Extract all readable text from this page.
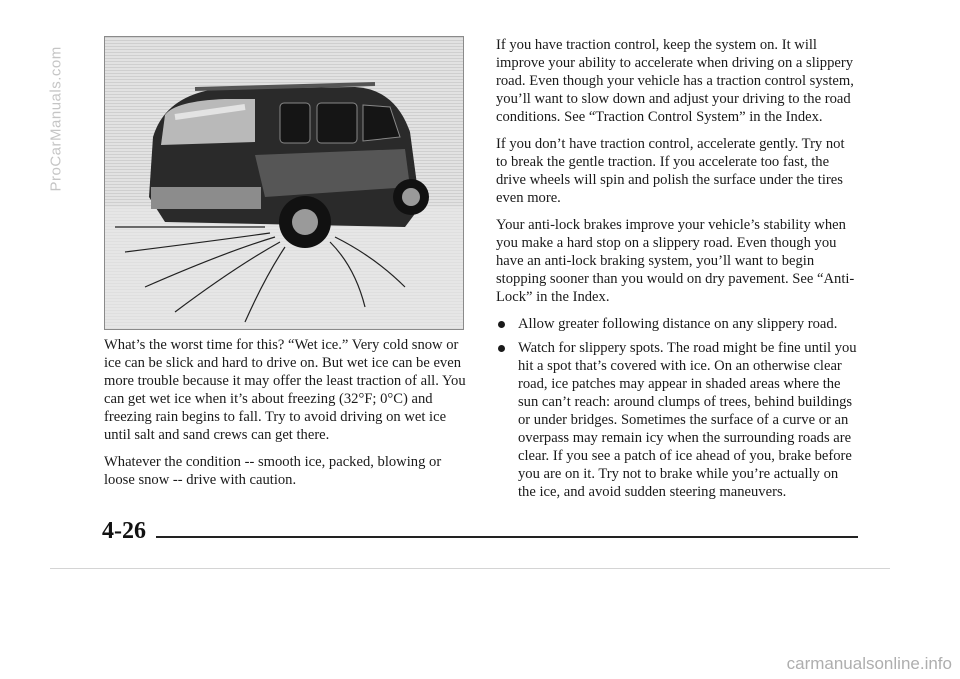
What’s the worst time for this? “Wet ice.” Very cold snow or ice can be slick and hard to drive on. But wet ice can be even more trouble because it may offer the least traction of all. You can get wet ice when it’s about freezing (32°F; 0°C) and freezing rain begins to fall. Try to avoid driving on wet ice until salt and sand crews can get there.

Whatever the condition -- smooth ice, packed, blowing or loose snow -- drive with caution.

If you have traction control, keep the system on. It will improve your ability to accelerate when driving on a slippery road. Even though your vehicle has a traction control system, you’ll want to slow down and adjust your driving to the road conditions. See “Traction Control System” in the Index.

If you don’t have traction control, accelerate gently. Try not to break the gentle traction. If you accelerate too fast, the drive wheels will spin and polish the surface under the tires even more.

Your anti-lock brakes improve your vehicle’s stability when you make a hard stop on a slippery road. Even though you have an anti-lock braking system, you’ll want to begin stopping sooner than you would on dry pavement. See “Anti-Lock” in the Index.

Allow greater following distance on any slippery road.
Watch for slippery spots. The road might be fine until you hit a spot that’s covered with ice. On an otherwise clear road, ice patches may appear in shaded areas where the sun can’t reach: around clumps of trees, behind buildings or under bridges. Sometimes the surface of a curve or an overpass may remain icy when the surrounding roads are clear. If you see a patch of ice ahead of you, brake before you are on it. Try not to brake while you’re actually on the ice, and avoid sudden steering maneuvers.
4-26
ProCarManuals.com
carmanualsonline.info
